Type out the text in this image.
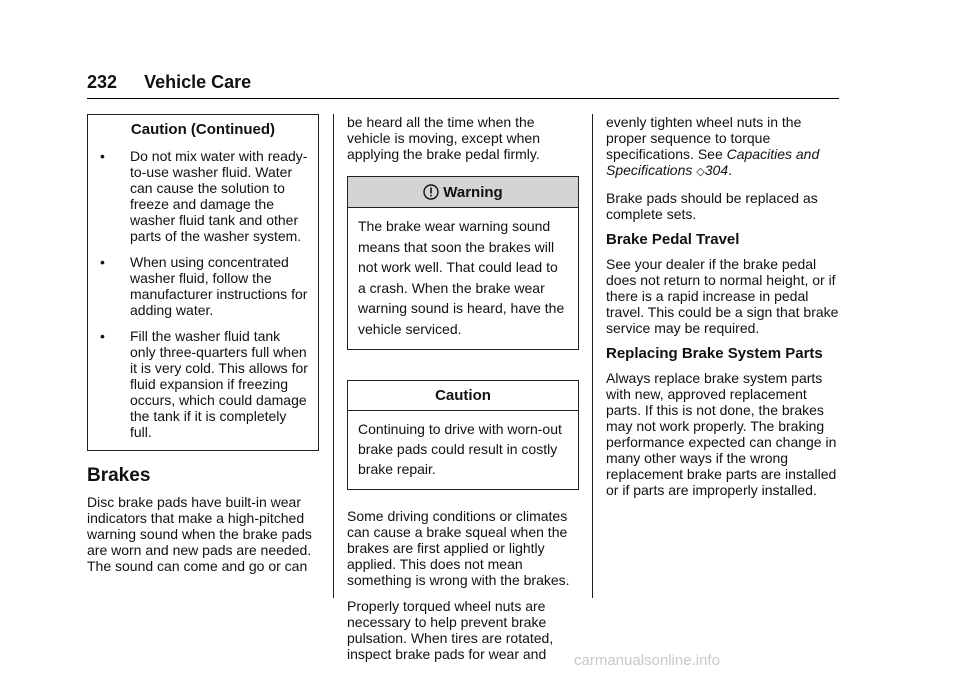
232 Vehicle Care
Caution (Continued)
•	Do not mix water with ready-to-use washer fluid. Water can cause the solution to freeze and damage the washer fluid tank and other parts of the washer system.
•	When using concentrated washer fluid, follow the manufacturer instructions for adding water.
•	Fill the washer fluid tank only three-quarters full when it is very cold. This allows for fluid expansion if freezing occurs, which could damage the tank if it is completely full.
Brakes

Disc brake pads have built-in wear indicators that make a high-pitched warning sound when the brake pads are worn and new pads are needed. The sound can come and go or can

be heard all the time when the vehicle is moving, except when applying the brake pedal firmly.

Warning
The brake wear warning sound means that soon the brakes will not work well. That could lead to a crash. When the brake wear warning sound is heard, have the vehicle serviced.
Caution
Continuing to drive with worn-out brake pads could result in costly brake repair.

Some driving conditions or climates can cause a brake squeal when the brakes are first applied or lightly applied. This does not mean something is wrong with the brakes.

Properly torqued wheel nuts are necessary to help prevent brake pulsation. When tires are rotated, inspect brake pads for wear and

evenly tighten wheel nuts in the proper sequence to torque specifications. See Capacities and Specifications ◇304.

Brake pads should be replaced as complete sets.

Brake Pedal Travel

See your dealer if the brake pedal does not return to normal height, or if there is a rapid increase in pedal travel. This could be a sign that brake service may be required.

Replacing Brake System Parts

Always replace brake system parts with new, approved replacement parts. If this is not done, the brakes may not work properly. The braking performance expected can change in many other ways if the wrong replacement brake parts are installed or if parts are improperly installed.

carmanualsonline.info
